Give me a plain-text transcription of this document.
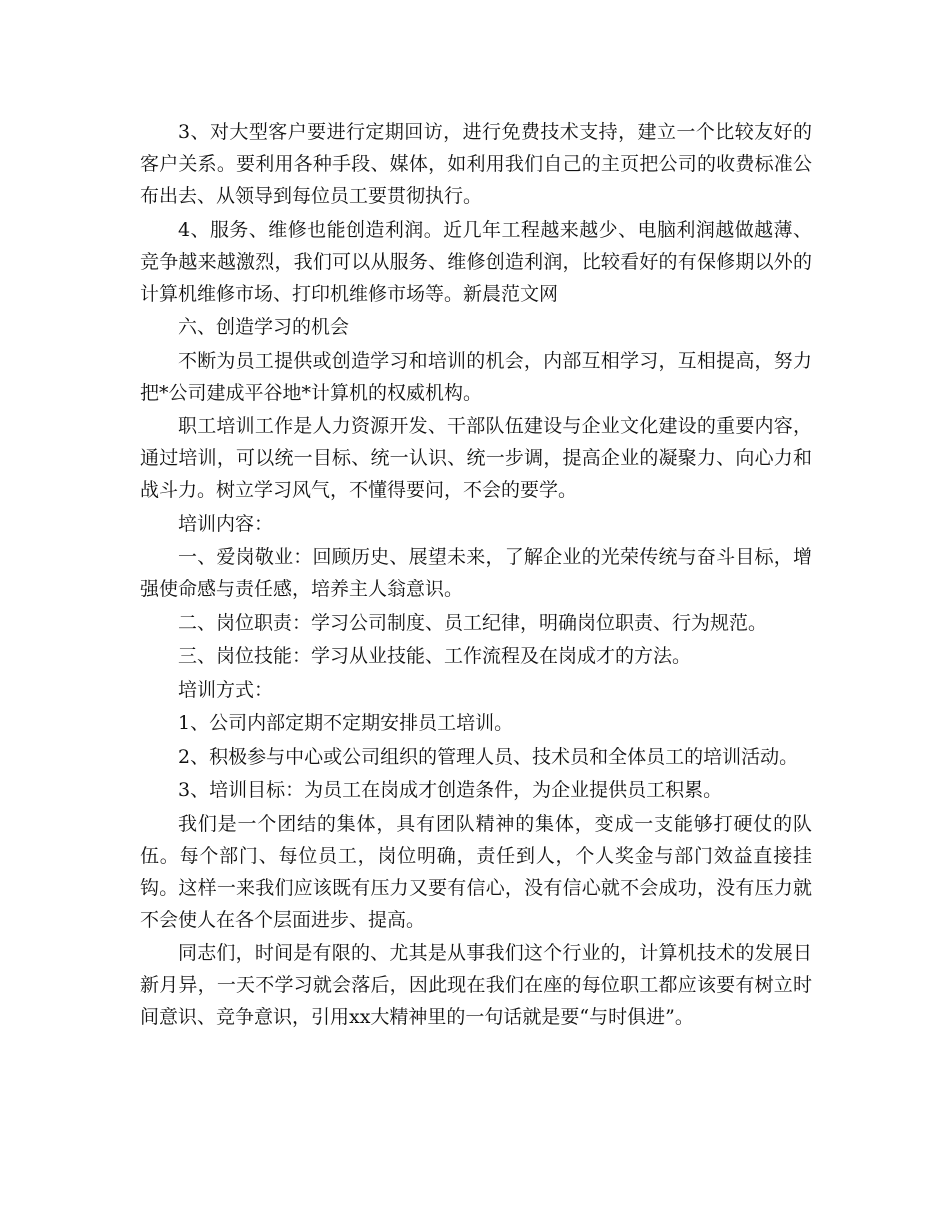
3、对大型客户要进行定期回访，进行免费技术支持，建立一个比较友好的客户关系。要利用各种手段、媒体，如利用我们自己的主页把公司的收费标准公布出去、从领导到每位员工要贯彻执行。

4、服务、维修也能创造利润。近几年工程越来越少、电脑利润越做越薄、竞争越来越激烈，我们可以从服务、维修创造利润，比较看好的有保修期以外的计算机维修市场、打印机维修市场等。新晨范文网

六、创造学习的机会

不断为员工提供或创造学习和培训的机会，内部互相学习，互相提高，努力把*公司建成平谷地*计算机的权威机构。

职工培训工作是人力资源开发、干部队伍建设与企业文化建设的重要内容，通过培训，可以统一目标、统一认识、统一步调，提高企业的凝聚力、向心力和战斗力。树立学习风气，不懂得要问，不会的要学。

培训内容：

一、爱岗敬业：回顾历史、展望未来，了解企业的光荣传统与奋斗目标，增强使命感与责任感，培养主人翁意识。

二、岗位职责：学习公司制度、员工纪律，明确岗位职责、行为规范。

三、岗位技能：学习从业技能、工作流程及在岗成才的方法。

培训方式：

1、公司内部定期不定期安排员工培训。

2、积极参与中心或公司组织的管理人员、技术员和全体员工的培训活动。

3、培训目标：为员工在岗成才创造条件，为企业提供员工积累。

我们是一个团结的集体，具有团队精神的集体，变成一支能够打硬仗的队伍。每个部门、每位员工，岗位明确，责任到人，个人奖金与部门效益直接挂钩。这样一来我们应该既有压力又要有信心，没有信心就不会成功，没有压力就不会使人在各个层面进步、提高。

同志们，时间是有限的、尤其是从事我们这个行业的，计算机技术的发展日新月异，一天不学习就会落后，因此现在我们在座的每位职工都应该要有树立时间意识、竞争意识，引用xx大精神里的一句话就是要“与时俱进”。
